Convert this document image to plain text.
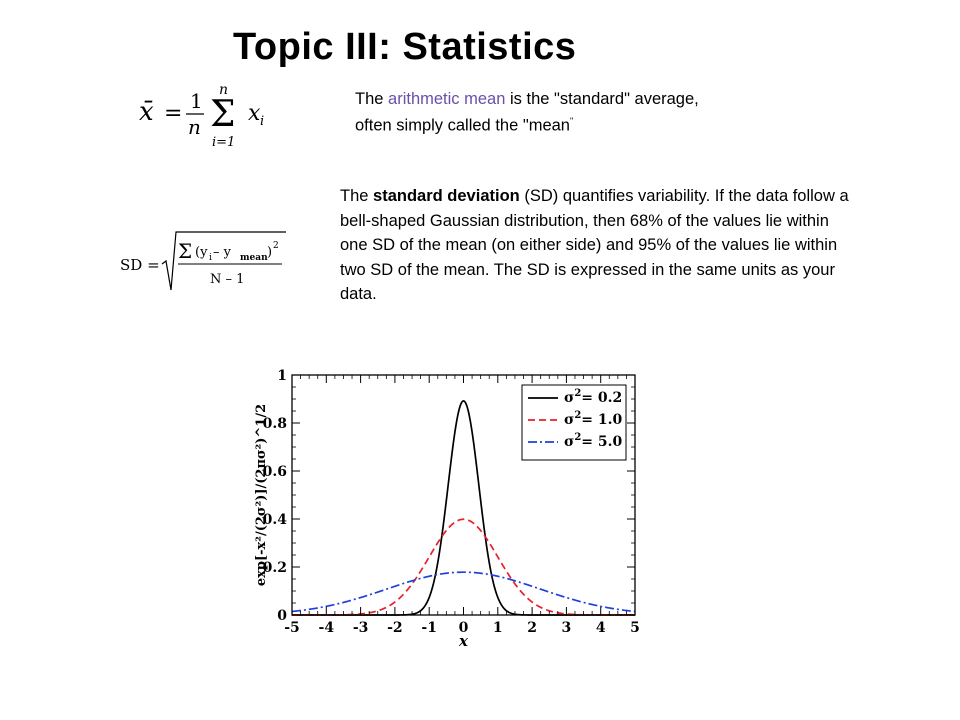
Topic III: Statistics
x̄ = 1
n
n
Σ
i=1
x i
The arithmetic mean is the "standard" average, often simply called the "mean"
SD =
Σ (y i – y mean ) 2
N – 1
The standard deviation (SD) quantifies variability. If the data follow a bell-shaped Gaussian distribution, then 68% of the values lie within one SD of the mean (on either side) and 95% of the values lie within two SD of the mean. The SD is expressed in the same units as your data.
-5 -4 -3 -2 -1 0 1 2 3 4 5
0
0.2
0.4
0.6
0.8
1
x
exp[-x²/(2σ²)]/(2πσ²)^1/2
$\sigma^2= 0.2$
$\sigma^2= 1.0$
$\sigma^2= 5.0$
